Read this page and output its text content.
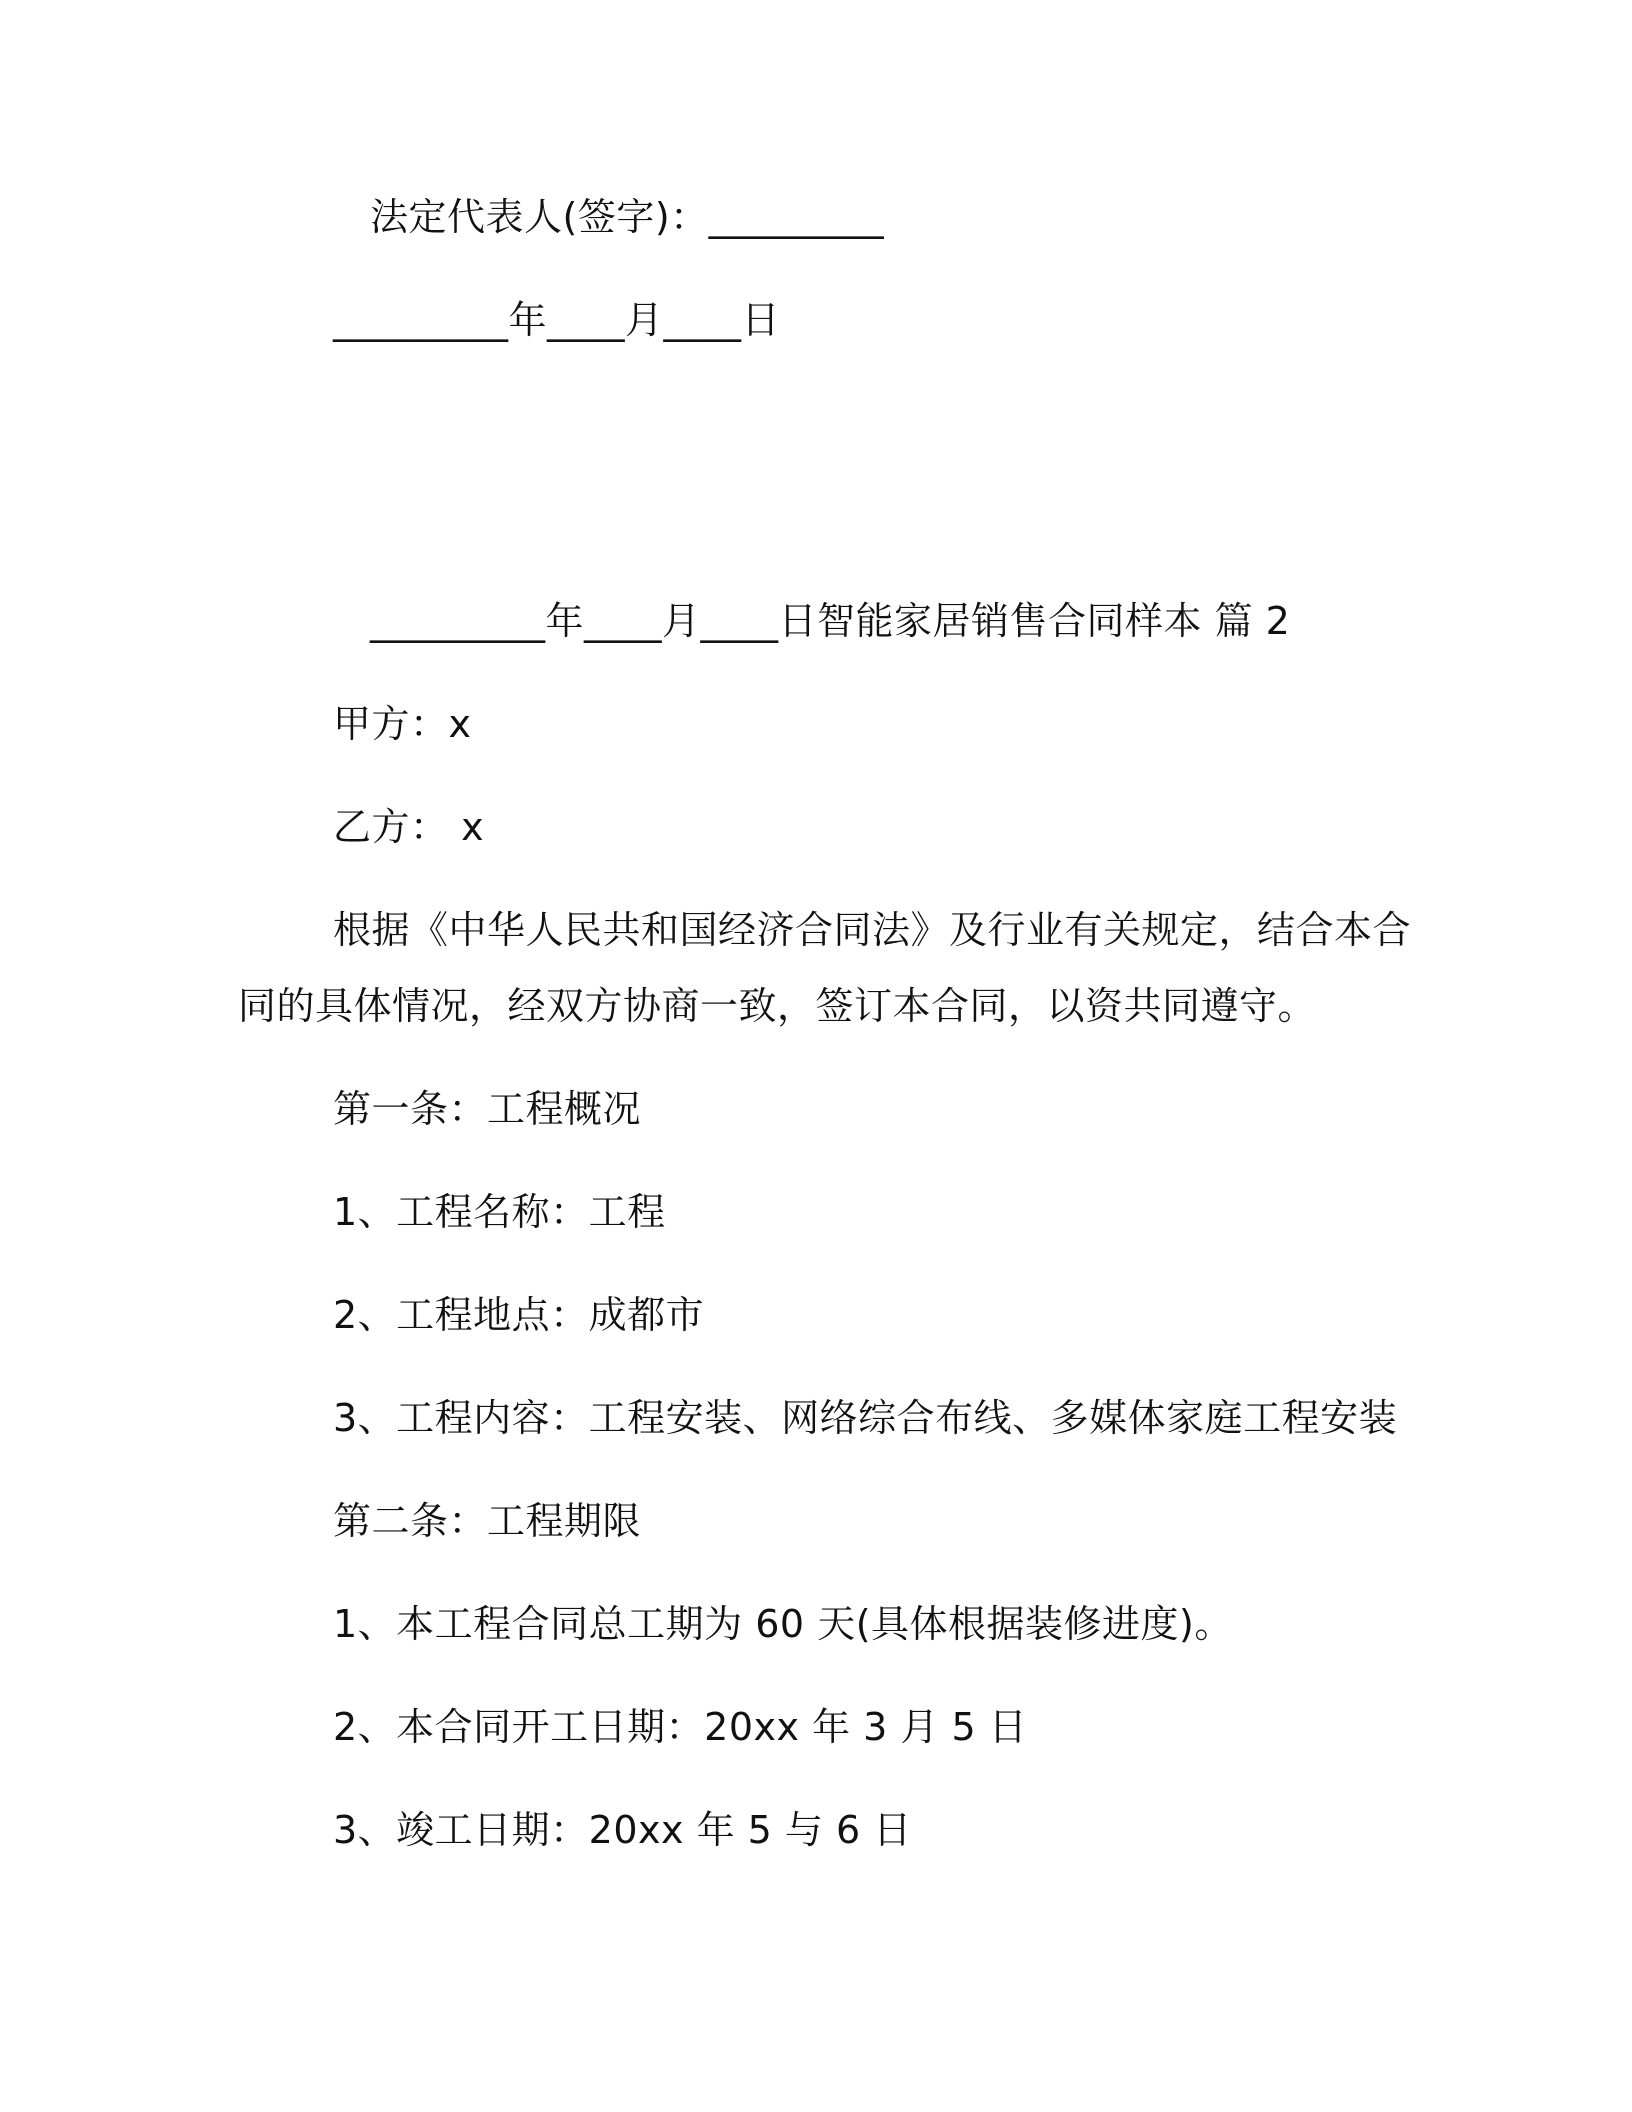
法定代表人(签字)：_________
_________年____月____日
_________年____月____日智能家居销售合同样本 篇 2
甲方：x
乙方： x
根据《中华人民共和国经济合同法》及行业有关规定，结合本合
同的具体情况，经双方协商一致，签订本合同，以资共同遵守。
第一条：工程概况
1、工程名称：工程
2、工程地点：成都市
3、工程内容：工程安装、网络综合布线、多媒体家庭工程安装
第二条：工程期限
1、本工程合同总工期为 60 天(具体根据装修进度)。
2、本合同开工日期：20xx 年 3 月 5 日
3、竣工日期：20xx 年 5 与 6 日
